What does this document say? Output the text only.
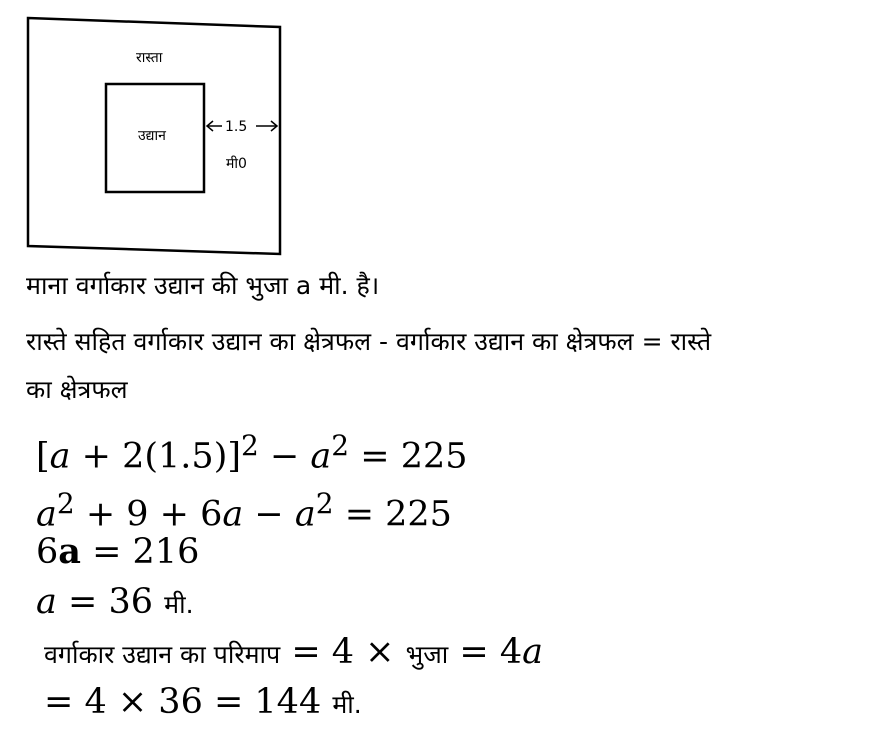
रास्ता
उद्यान
1.5
मी0

माना वर्गाकार उद्यान की भुजा a मी. है।

रास्ते सहित वर्गाकार उद्यान का क्षेत्रफल - वर्गाकार उद्यान का क्षेत्रफल = रास्ते

का क्षेत्रफल

$[a + 2(1.5)]^2 - a^2 = 225$
$a^2 + 9 + 6a - a^2 = 225$
6a = 216
a = 36 मी.
वर्गाकार उद्यान का परिमाप = 4 × भुजा = 4a
= 4 × 36 = 144 मी.
